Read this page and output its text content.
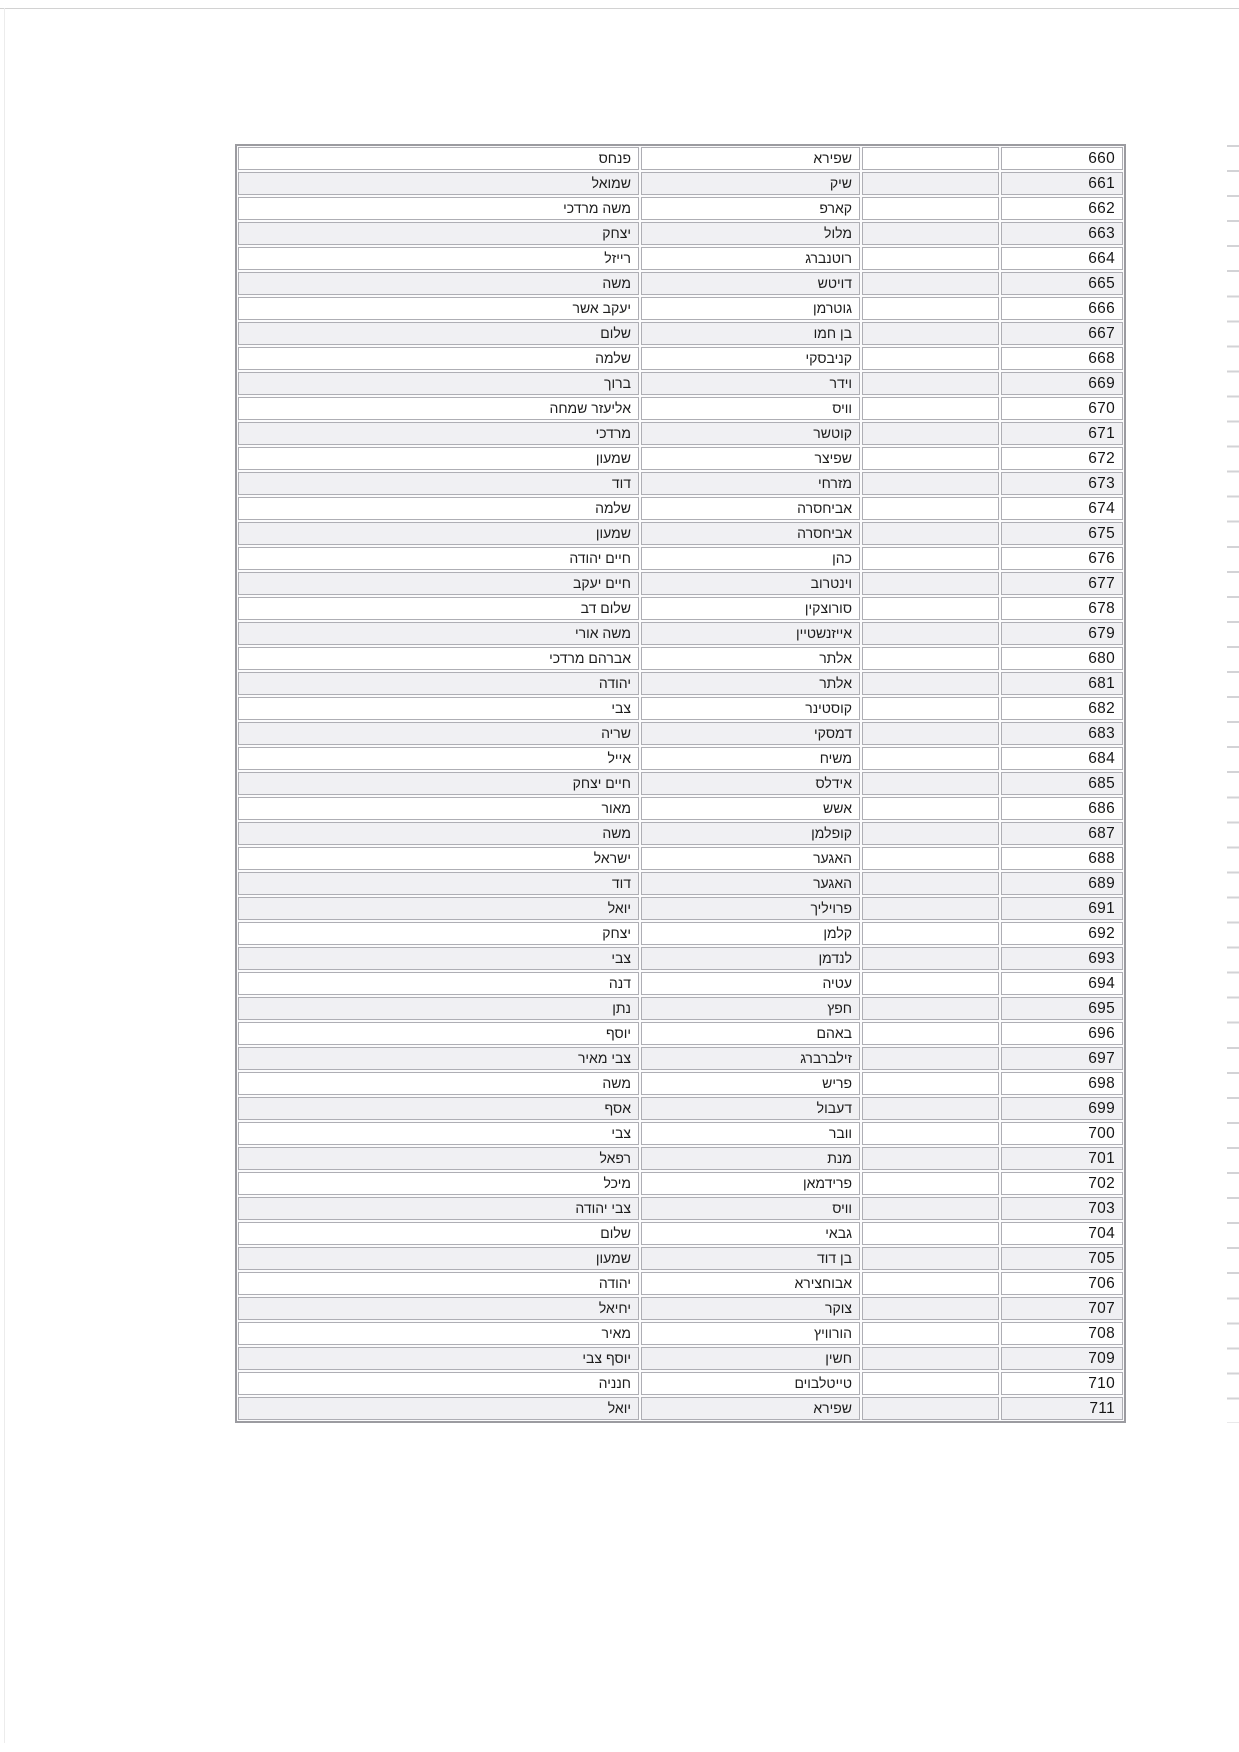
660		שפירא	פנחס
661		שיק	שמואל
662		קארפ	משה מרדכי
663		מלול	יצחק
664		רוטנברג	רייזל
665		דויטש	משה
666		גוטרמן	יעקב אשר
667		בן חמו	שלום
668		קניבסקי	שלמה
669		וידר	ברוך
670		וויס	אליעזר שמחה
671		קוטשר	מרדכי
672		שפיצר	שמעון
673		מזרחי	דוד
674		אביחסרה	שלמה
675		אביחסרה	שמעון
676		כהן	חיים יהודה
677		וינטרוב	חיים יעקב
678		סורוצקין	שלום דב
679		אייזנשטיין	משה אורי
680		אלתר	אברהם מרדכי
681		אלתר	יהודה
682		קוסטינר	צבי
683		דמסקי	שריה
684		משיח	אייל
685		אידלס	חיים יצחק
686		אשש	מאור
687		קופלמן	משה
688		האגער	ישראל
689		האגער	דוד
691		פרויליך	יואל
692		קלמן	יצחק
693		לנדמן	צבי
694		עטיה	דנה
695		חפץ	נתן
696		באהם	יוסף
697		זילברברג	צבי מאיר
698		פריש	משה
699		דעבול	אסף
700		וובר	צבי
701		מנת	רפאל
702		פרידמאן	מיכל
703		וויס	צבי יהודה
704		גבאי	שלום
705		בן דוד	שמעון
706		אבוחצירא	יהודה
707		צוקר	יחיאל
708		הורוויץ	מאיר
709		חשין	יוסף צבי
710		טייטלבוים	חנניה
711		שפירא	יואל
